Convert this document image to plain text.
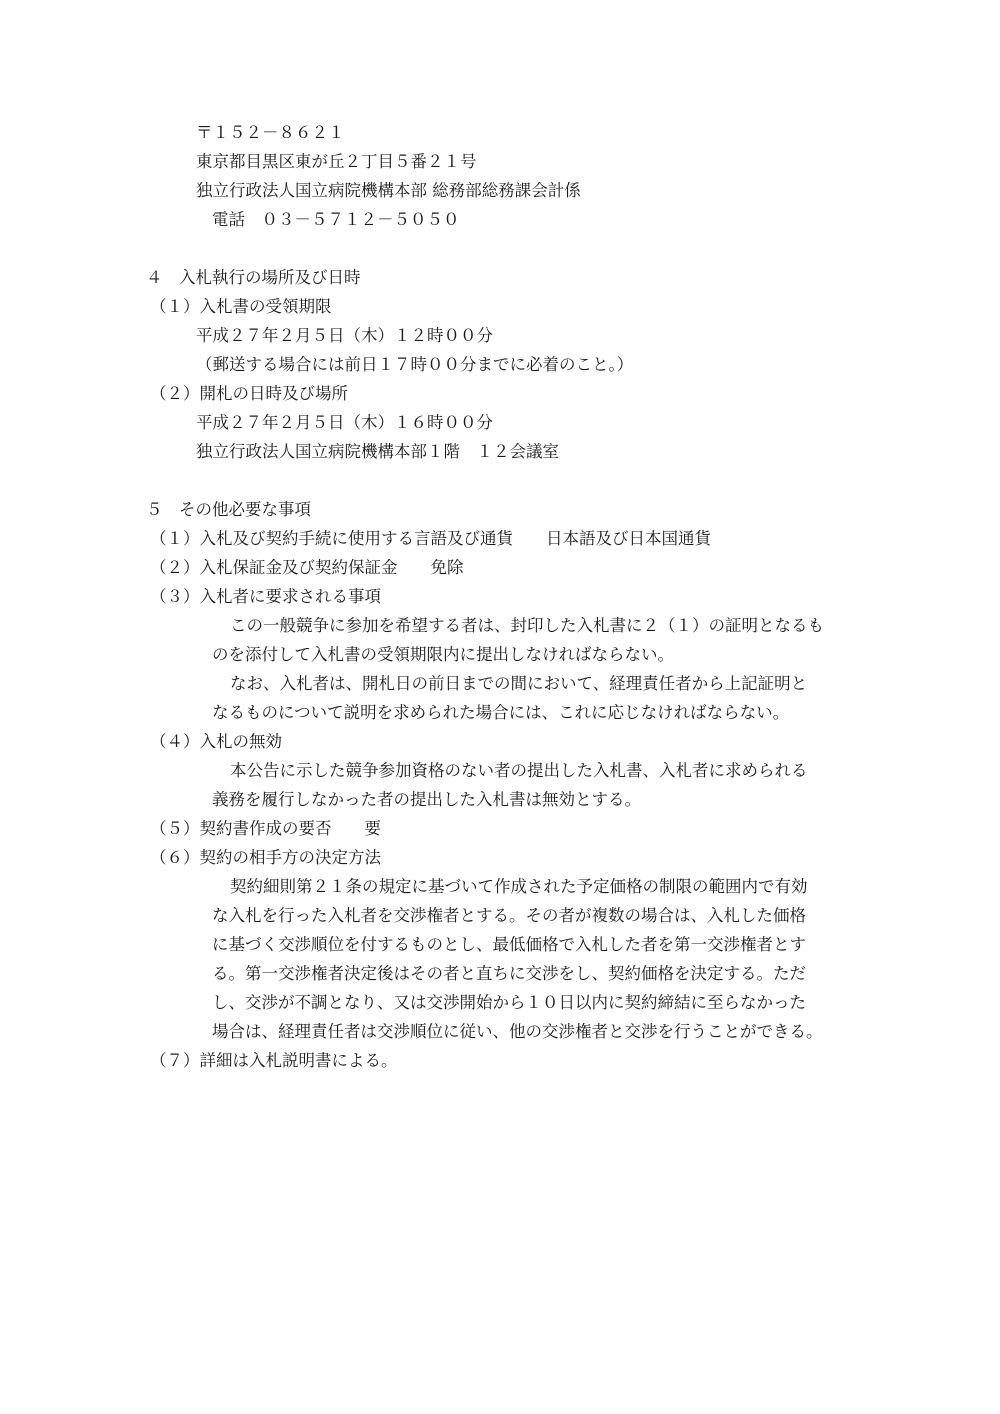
〒１５２－８６２１
東京都目黒区東が丘２丁目５番２１号
独立行政法人国立病院機構本部 総務部総務課会計係
電話　０３－５７１２－５０５０
４　入札執行の場所及び日時
（１）入札書の受領期限
平成２７年２月５日（木）１２時００分
（郵送する場合には前日１７時００分までに必着のこと。）
（２）開札の日時及び場所
平成２７年２月５日（木）１６時００分
独立行政法人国立病院機構本部１階　１２会議室
５　その他必要な事項
（１）入札及び契約手続に使用する言語及び通貨　　日本語及び日本国通貨
（２）入札保証金及び契約保証金　　免除
（３）入札者に要求される事項
この一般競争に参加を希望する者は、封印した入札書に２（１）の証明となるも
のを添付して入札書の受領期限内に提出しなければならない。
なお、入札者は、開札日の前日までの間において、経理責任者から上記証明と
なるものについて説明を求められた場合には、これに応じなければならない。
（４）入札の無効
本公告に示した競争参加資格のない者の提出した入札書、入札者に求められる
義務を履行しなかった者の提出した入札書は無効とする。
（５）契約書作成の要否　　要
（６）契約の相手方の決定方法
契約細則第２１条の規定に基づいて作成された予定価格の制限の範囲内で有効
な入札を行った入札者を交渉権者とする。その者が複数の場合は、入札した価格
に基づく交渉順位を付するものとし、最低価格で入札した者を第一交渉権者とす
る。第一交渉権者決定後はその者と直ちに交渉をし、契約価格を決定する。ただ
し、交渉が不調となり、又は交渉開始から１０日以内に契約締結に至らなかった
場合は、経理責任者は交渉順位に従い、他の交渉権者と交渉を行うことができる。
（７）詳細は入札説明書による。
